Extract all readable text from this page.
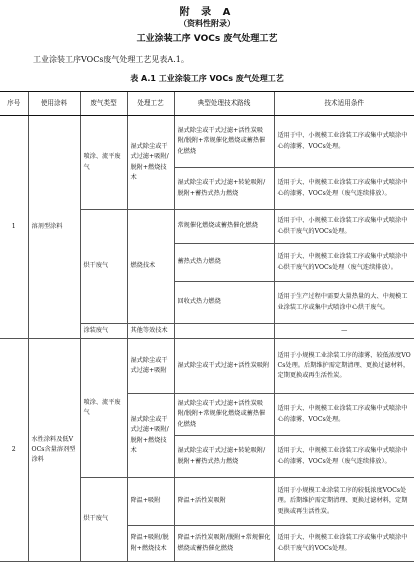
附 录 A
（资料性附录）
工业涂装工序 VOCs 废气处理工艺
工业涂装工序VOCs废气处理工艺见表A.1。
表 A.1 工业涂装工序 VOCs 废气处理工艺
序号	使用涂料	废气类型	处理工艺	典型处理技术路线	技术适用条件
1	溶剂型涂料	喷涂、流平废气	湿式除尘或干式过滤+吸附/脱附+燃烧技术	湿式除尘或干式过滤+活性炭吸附/脱附+常规催化燃烧或蓄热催化燃烧	适用于中、小规模工业涂装工序或集中式喷涂中心的漆雾、VOCs处理。
				湿式除尘或干式过滤+转轮吸附/脱附+蓄热式热力燃烧	适用于大、中规模工业涂装工序或集中式喷涂中心的漆雾、VOCs处理（废气连续排放）。
		烘干废气	燃烧技术	常规催化燃烧或蓄热催化燃烧	适用于中、小规模工业涂装工序或集中式喷涂中心烘干废气的VOCs处理。
				蓄热式热力燃烧	适用于大、中规模工业涂装工序或集中式喷涂中心烘干废气的VOCs处理（废气连续排放）。
				回收式热力燃烧	适用于生产过程中需要大量热量的大、中规模工业涂装工序或集中式喷涂中心烘干废气。
		涂装废气	其他等效技术		—
2	水性涂料及低VOCs含量溶剂型涂料	喷涂、流平废气	湿式除尘或干式过滤+吸附	湿式除尘或干式过滤+活性炭吸附	适用于小规模工业涂装工序的漆雾、较低浓度VOCs处理。后期维护需定期清理、更换过滤材料，定期更换或再生活性炭。
			湿式除尘或干式过滤+吸附/脱附+燃烧技术	湿式除尘或干式过滤+活性炭吸附/脱附+常规催化燃烧或蓄热催化燃烧	适用于大、中规模工业涂装工序或集中式喷涂中心的漆雾、VOCs处理。
				湿式除尘或干式过滤+转轮吸附/脱附+蓄热式热力燃烧	适用于大、中规模工业涂装工序或集中式喷涂中心的漆雾、VOCs处理（废气连续排放）。
		烘干废气	降温+吸附	降温+活性炭吸附	适用于小规模工业涂装工序的较低浓度VOCs处理。后期维护需定期清理、更换过滤材料，定期更换或再生活性炭。
			降温+吸附/脱附+燃烧技术	降温+活性炭吸附/脱附+常规催化燃烧或蓄热催化燃烧	适用于大、中规模工业涂装工序或集中式喷涂中心烘干废气的VOCs处理。
